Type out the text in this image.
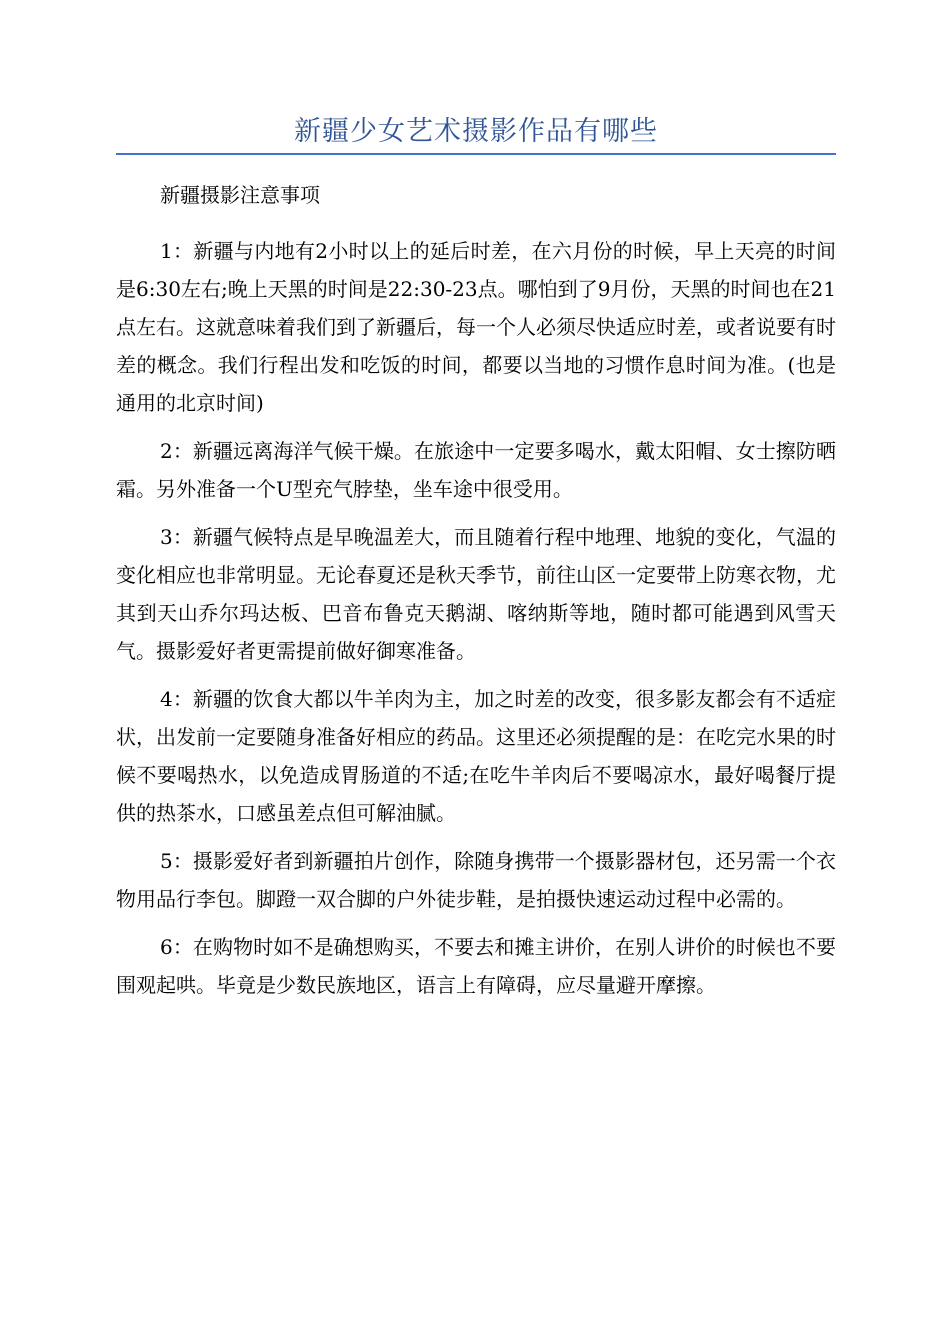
新疆少女艺术摄影作品有哪些

新疆摄影注意事项

1：新疆与内地有2小时以上的延后时差，在六月份的时候，早上天亮的时间是6:30左右;晚上天黑的时间是22:30-23点。哪怕到了9月份，天黑的时间也在21点左右。这就意味着我们到了新疆后，每一个人必须尽快适应时差，或者说要有时差的概念。我们行程出发和吃饭的时间，都要以当地的习惯作息时间为准。(也是通用的北京时间)

2：新疆远离海洋气候干燥。在旅途中一定要多喝水，戴太阳帽、女士擦防晒霜。另外准备一个U型充气脖垫，坐车途中很受用。

3：新疆气候特点是早晚温差大，而且随着行程中地理、地貌的变化，气温的变化相应也非常明显。无论春夏还是秋天季节，前往山区一定要带上防寒衣物，尤其到天山乔尔玛达板、巴音布鲁克天鹅湖、喀纳斯等地，随时都可能遇到风雪天气。摄影爱好者更需提前做好御寒准备。

4：新疆的饮食大都以牛羊肉为主，加之时差的改变，很多影友都会有不适症状，出发前一定要随身准备好相应的药品。这里还必须提醒的是：在吃完水果的时候不要喝热水，以免造成胃肠道的不适;在吃牛羊肉后不要喝凉水，最好喝餐厅提供的热茶水，口感虽差点但可解油腻。

5：摄影爱好者到新疆拍片创作，除随身携带一个摄影器材包，还另需一个衣物用品行李包。脚蹬一双合脚的户外徒步鞋，是拍摄快速运动过程中必需的。

6：在购物时如不是确想购买，不要去和摊主讲价，在别人讲价的时候也不要围观起哄。毕竟是少数民族地区，语言上有障碍，应尽量避开摩擦。
